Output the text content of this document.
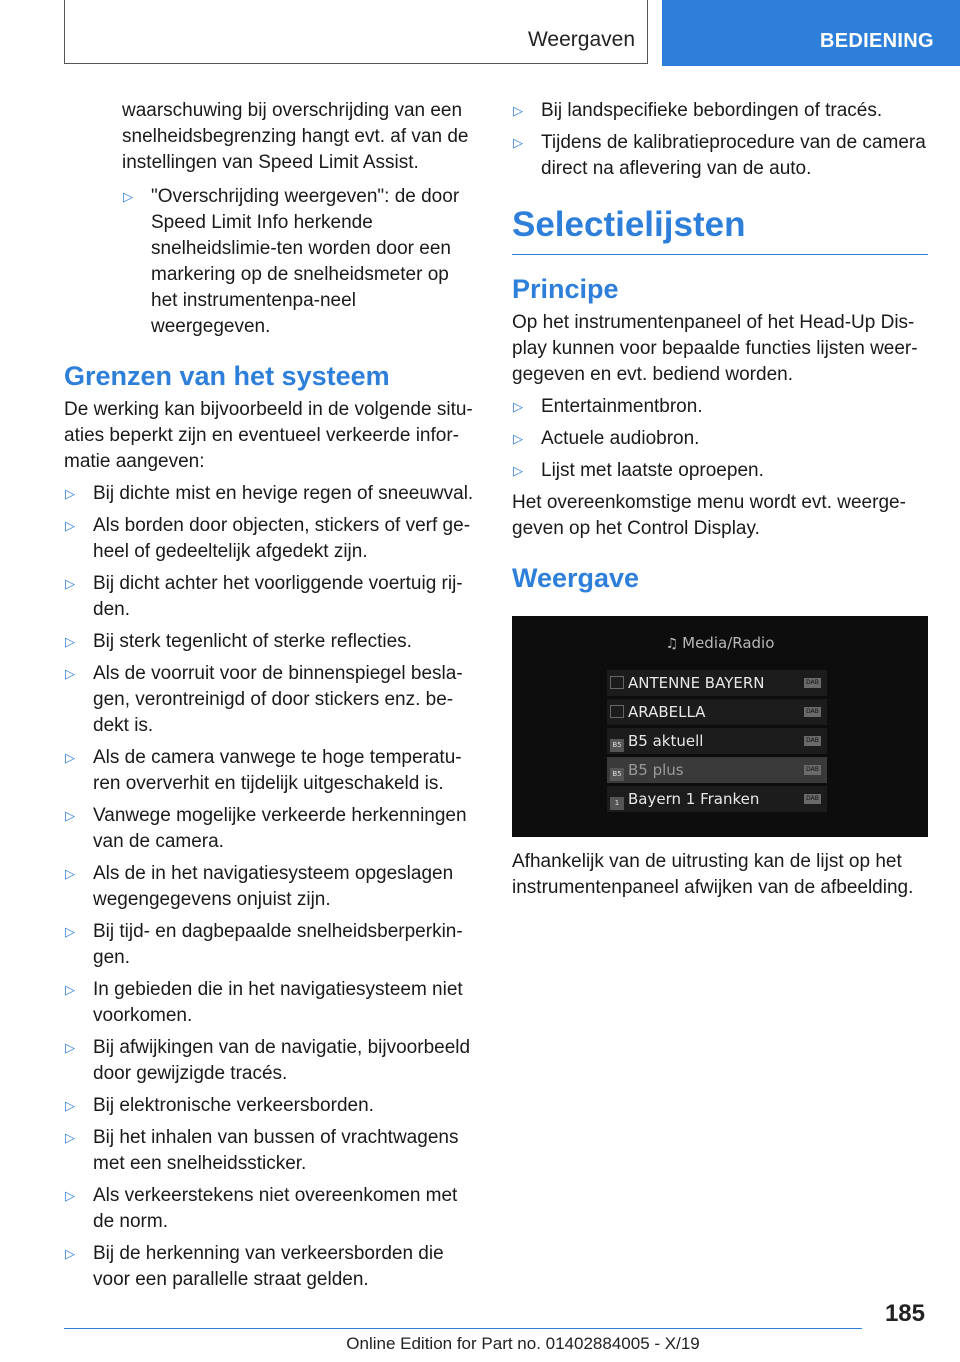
Weergaven	BEDIENING

waarschuwing bij overschrijding van een snelheidsbegrenzing hangt evt. af van de instellingen van Speed Limit Assist.

▷ "Overschrijding weergeven": de door Speed Limit Info herkende snelheidslimie-ten worden door een markering op de snelheidsmeter op het instrumentenpa-neel weergegeven.
Grenzen van het systeem

De werking kan bijvoorbeeld in de volgende situ-aties beperkt zijn en eventueel verkeerde infor-matie aangeven:

▷ Bij dichte mist en hevige regen of sneeuwval.
▷ Als borden door objecten, stickers of verf ge-heel of gedeeltelijk afgedekt zijn.
▷ Bij dicht achter het voorliggende voertuig rij-den.
▷ Bij sterk tegenlicht of sterke reflecties.
▷ Als de voorruit voor de binnenspiegel besla-gen, verontreinigd of door stickers enz. be-dekt is.
▷ Als de camera vanwege te hoge temperatu-ren oververhit en tijdelijk uitgeschakeld is.
▷ Vanwege mogelijke verkeerde herkenningen van de camera.
▷ Als de in het navigatiesysteem opgeslagen wegengegevens onjuist zijn.
▷ Bij tijd- en dagbepaalde snelheidsberperkin-gen.
▷ In gebieden die in het navigatiesysteem niet voorkomen.
▷ Bij afwijkingen van de navigatie, bijvoorbeeld door gewijzigde tracés.
▷ Bij elektronische verkeersborden.
▷ Bij het inhalen van bussen of vrachtwagens met een snelheidssticker.
▷ Als verkeerstekens niet overeenkomen met de norm.
▷ Bij de herkenning van verkeersborden die voor een parallelle straat gelden.
▷ Bij landspecifieke bebordingen of tracés.
▷ Tijdens de kalibratieprocedure van de camera direct na aflevering van de auto.
Selectielijsten
Principe

Op het instrumentenpaneel of het Head-Up Dis-play kunnen voor bepaalde functies lijsten weer-gegeven en evt. bediend worden.

▷ Entertainmentbron.
▷ Actuele audiobron.
▷ Lijst met laatste oproepen.

Het overeenkomstige menu wordt evt. weerge-geven op het Control Display.

Weergave
♫ Media/Radio
ANTENNE BAYERN	DAB
ARABELLA	DAB
B5 B5 aktuell	DAB
B5 B5 plus	DAB
1 Bayern 1 Franken	DAB

Afhankelijk van de uitrusting kan de lijst op het instrumentenpaneel afwijken van de afbeelding.

185
Online Edition for Part no. 01402884005 - X/19
